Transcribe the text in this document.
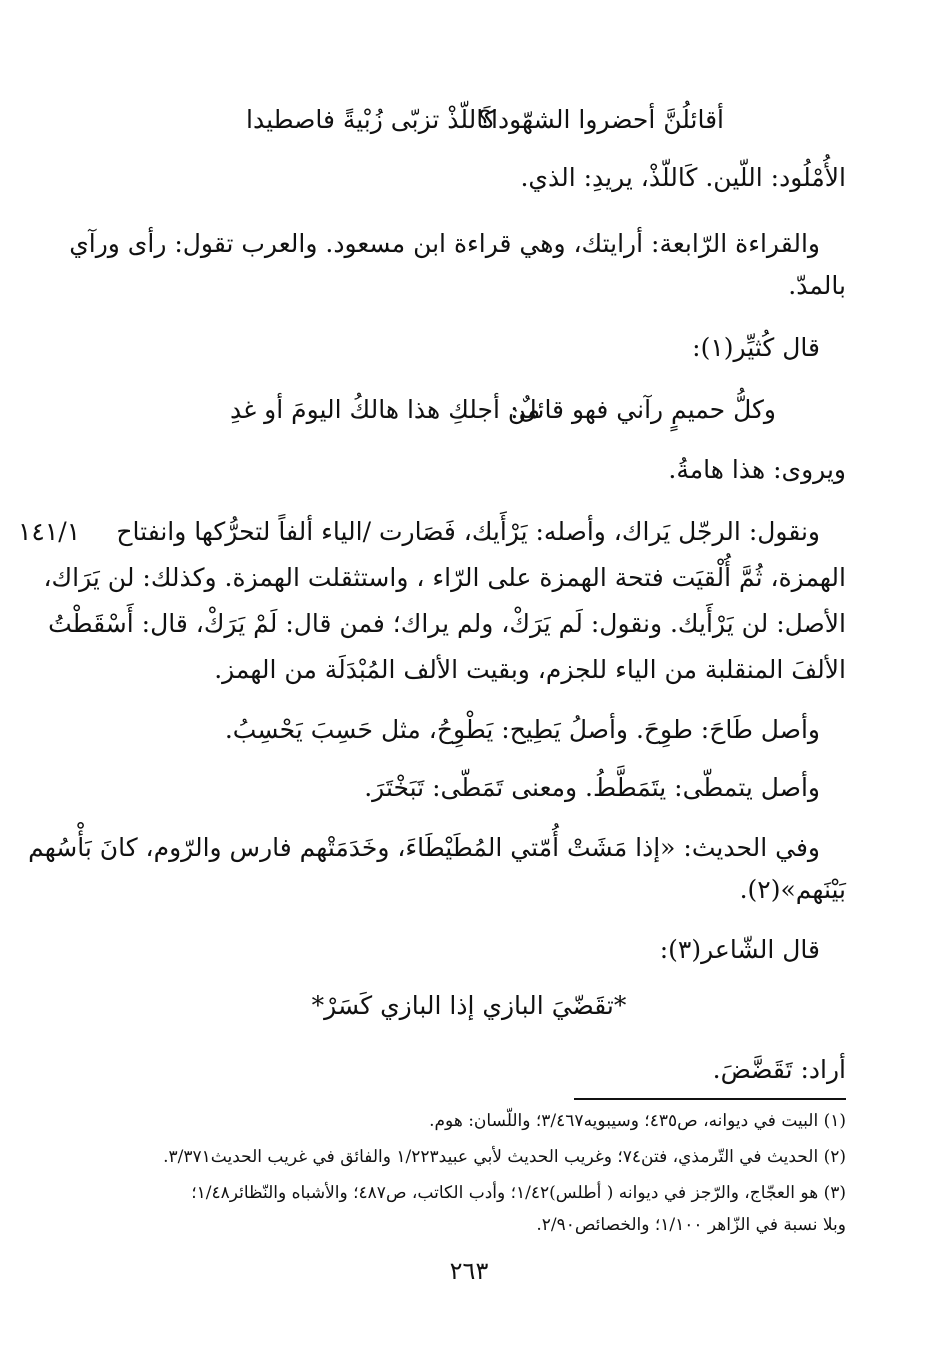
أقائلُنَّ أحضروا الشهّودا؟
كَاللّذْ تزبّى زُبْيةً فاصطيدا
الأُمْلُود: اللّين. كَاللّذْ، يريدِ: الذي.
والقراءة الرّابعة: أرايتك، وهي قراءة ابن مسعود. والعرب تقول: رأى ورآي
بالمدّ.
قال كُثيِّر(١):
وكلُّ حميمٍ رآني فهو قائلٌ:
من أجلكِ هذا هالكُ اليومَ أو غدِ
ويروى: هذا هامةُ.
ونقول: الرجّل يَراك، وأصله: يَرْأَيك، فَصَارت /الياء ألفاً لتحرُّكها وانفتاح
١٤١/١
الهمزة، ثُمَّ أُلْقيَت فتحة الهمزة على الرّاء ، واستثقلت الهمزة. وكذلك: لن يَرَاك،
الأصل: لن يَرْأَيك. ونقول: لَم يَرَكْ، ولم يراك؛ فمن قال: لَمْ يَرَكْ، قال: أَسْقَطْتُ
الألفَ المنقلبة من الياء للجزم، وبقيت الألف المُبْدَلَة من الهمز.
وأصل طَاحَ: طوِحَ. وأصلُ يَطِيح: يَطْوِحُ، مثل حَسِبَ يَحْسِبُ.
وأصل يتمطّى: يتَمَطَّطُ. ومعنى تَمَطّى: تَبَخْتَرَ.
وفي الحديث: «إذا مَشَتْ أُمّتي المُطَيْطَاءَ، وخَدَمَتْهم فارس والرّوم، كانَ بَأْسُهم
بَيْنَهم»(٢).
قال الشّاعر(٣):
*تقَضّيَ البازي إذا البازي كَسَرْ*
أراد: تَقَضَّضَ.
(١) البيت في ديوانه، ص٤٣٥؛ وسيبويه٣/٤٦٧؛ واللّسان: هوم.
(٢) الحديث في التّرمذي، فتن٧٤؛ وغريب الحديث لأبي عبيد١/٢٢٣ والفائق في غريب الحديث٣/٣٧١.
(٣) هو العجّاج، والرّجز في ديوانه ( أطلس)١/٤٢؛ وأدب الكاتب، ص٤٨٧؛ والأشباه والنّظائر١/٤٨؛
وبلا نسبة في الزّاهر ١/١٠٠؛ والخصائص٢/٩٠.
٢٦٣
